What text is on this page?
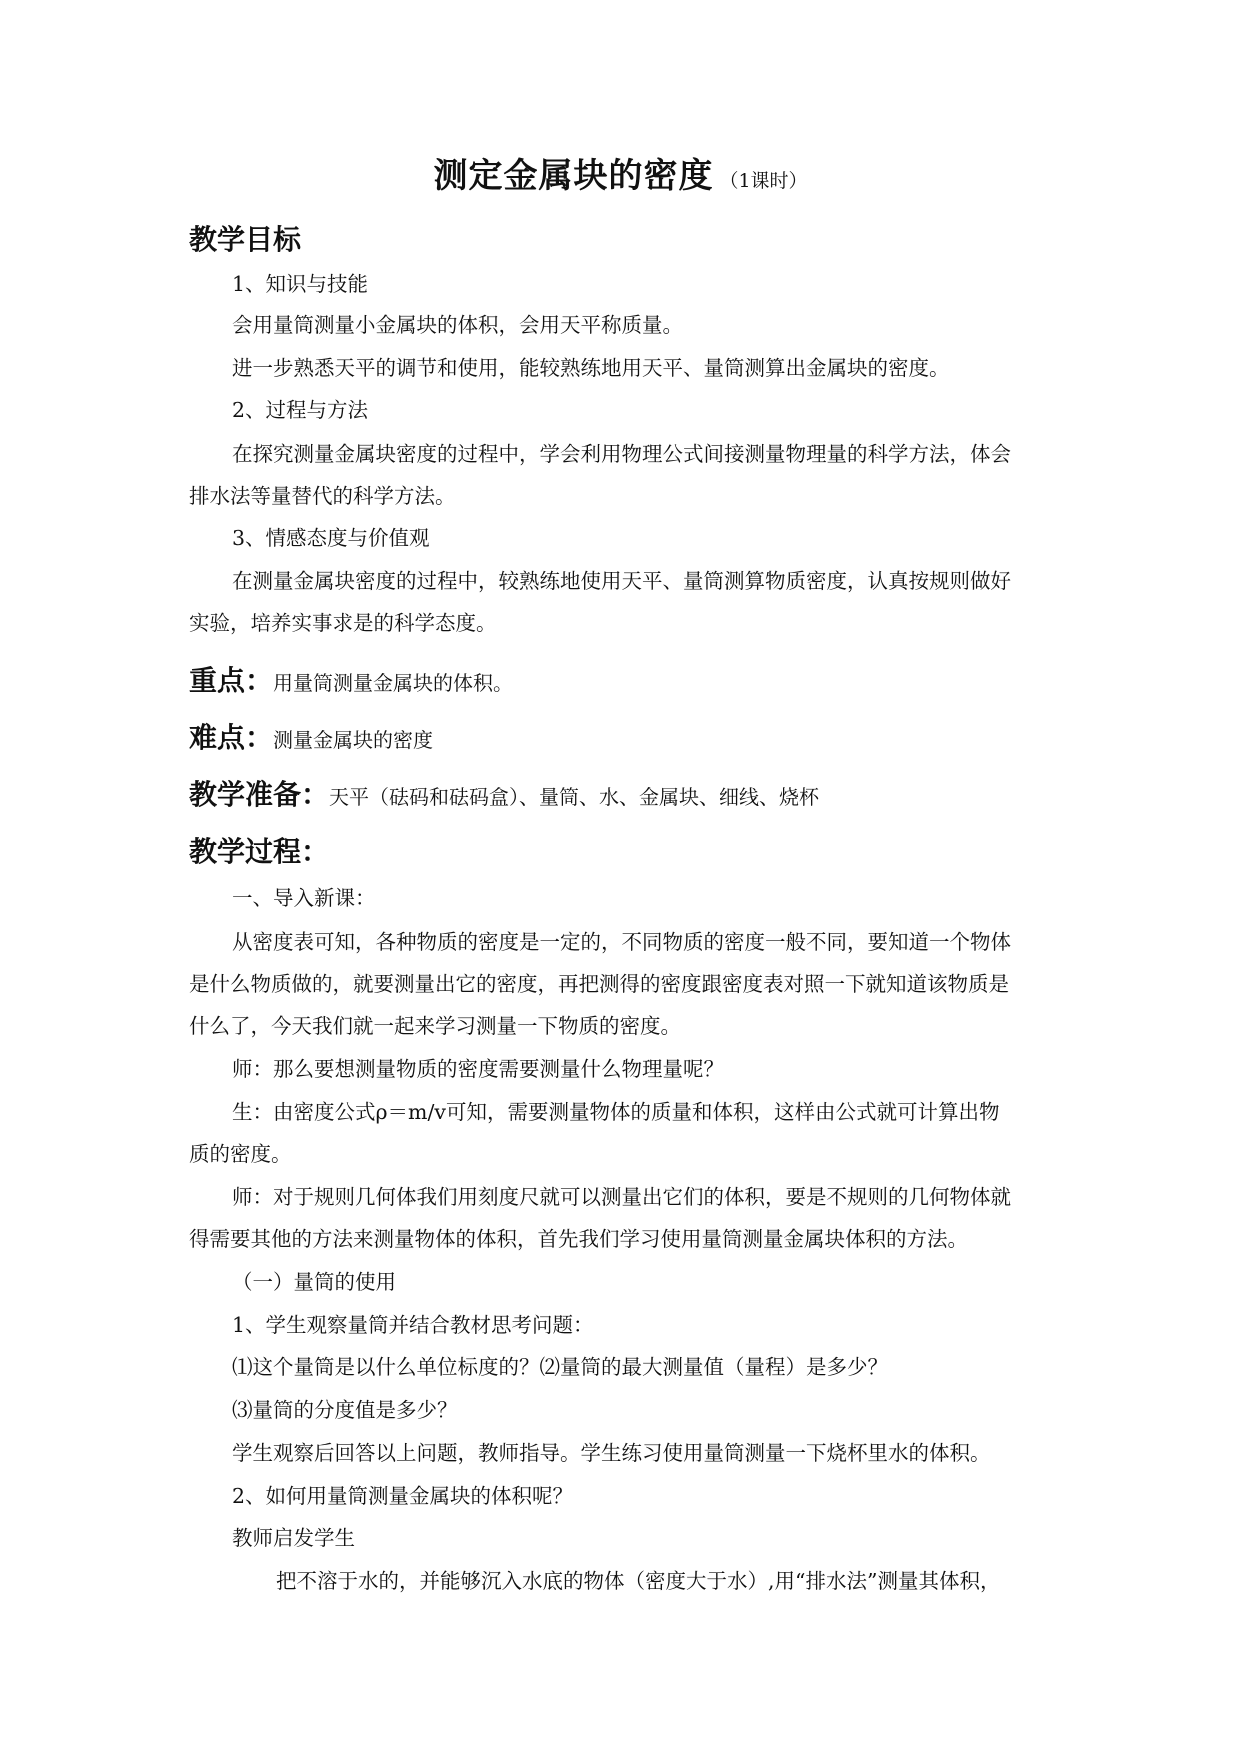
测定金属块的密度 （1课时）
教学目标
1、知识与技能
会用量筒测量小金属块的体积，会用天平称质量。
进一步熟悉天平的调节和使用，能较熟练地用天平、量筒测算出金属块的密度。
2、过程与方法
在探究测量金属块密度的过程中，学会利用物理公式间接测量物理量的科学方法，体会
排水法等量替代的科学方法。
3、情感态度与价值观
在测量金属块密度的过程中，较熟练地使用天平、量筒测算物质密度，认真按规则做好
实验，培养实事求是的科学态度。
重点：用量筒测量金属块的体积。
难点：测量金属块的密度
教学准备：天平（砝码和砝码盒）、量筒、水、金属块、细线、烧杯
教学过程：
一、导入新课：
从密度表可知，各种物质的密度是一定的，不同物质的密度一般不同，要知道一个物体
是什么物质做的，就要测量出它的密度，再把测得的密度跟密度表对照一下就知道该物质是
什么了，今天我们就一起来学习测量一下物质的密度。
师：那么要想测量物质的密度需要测量什么物理量呢？
生：由密度公式ρ＝m/v可知，需要测量物体的质量和体积，这样由公式就可计算出物
质的密度。
师：对于规则几何体我们用刻度尺就可以测量出它们的体积，要是不规则的几何物体就
得需要其他的方法来测量物体的体积，首先我们学习使用量筒测量金属块体积的方法。
（一）量筒的使用
1、学生观察量筒并结合教材思考问题：
⑴这个量筒是以什么单位标度的？⑵量筒的最大测量值（量程）是多少？
⑶量筒的分度值是多少？
学生观察后回答以上问题，教师指导。学生练习使用量筒测量一下烧杯里水的体积。
2、如何用量筒测量金属块的体积呢？
教师启发学生
把不溶于水的，并能够沉入水底的物体（密度大于水）,用“排水法”测量其体积，
